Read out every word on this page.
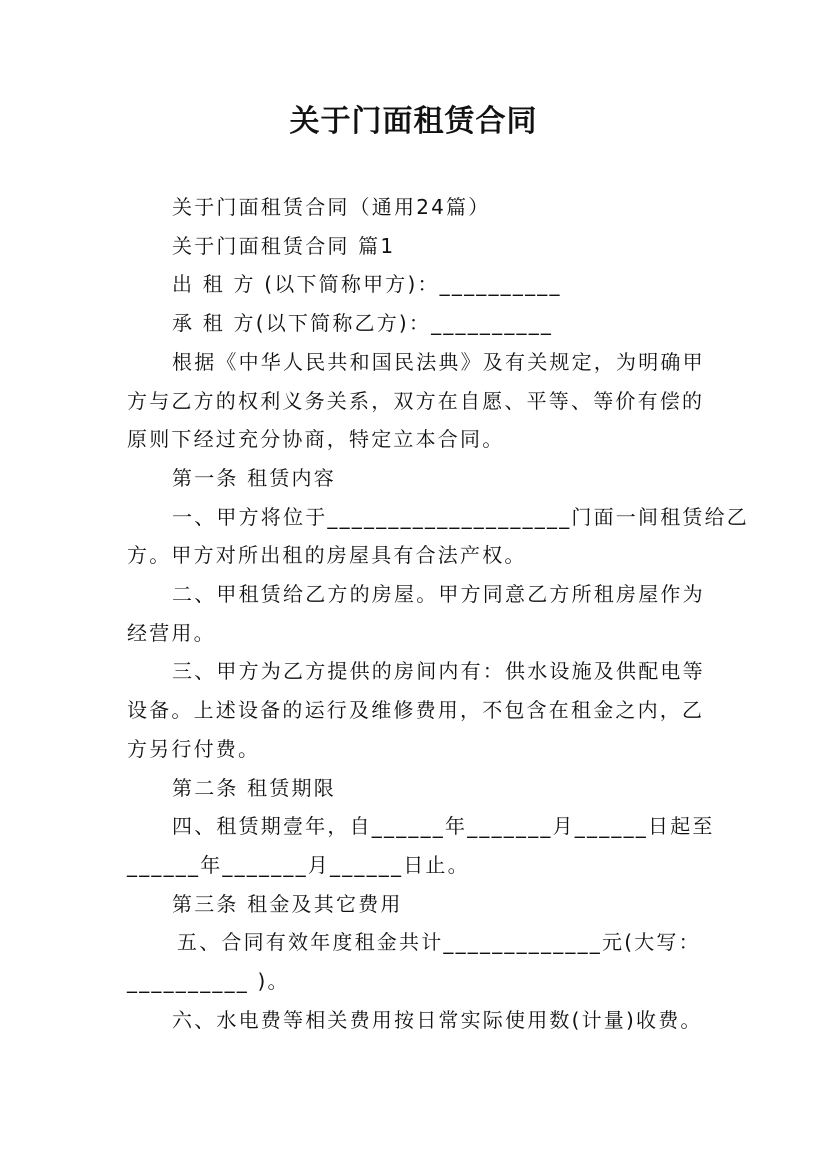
关于门面租赁合同

关于门面租赁合同（通用24篇）

关于门面租赁合同 篇1

出 租 方 (以下简称甲方)：__________

承 租 方(以下简称乙方)：__________

根据《中华人民共和国民法典》及有关规定，为明确甲

方与乙方的权利义务关系，双方在自愿、平等、等价有偿的

原则下经过充分协商，特定立本合同。

第一条 租赁内容

一、甲方将位于____________________门面一间租赁给乙

方。甲方对所出租的房屋具有合法产权。

二、甲租赁给乙方的房屋。甲方同意乙方所租房屋作为

经营用。

三、甲方为乙方提供的房间内有：供水设施及供配电等

设备。上述设备的运行及维修费用，不包含在租金之内，乙

方另行付费。

第二条 租赁期限

四、租赁期壹年，自______年_______月______日起至

______年_______月______日止。

第三条 租金及其它费用

五、合同有效年度租金共计_____________元(大写：

__________ )。

六、水电费等相关费用按日常实际使用数(计量)收费。
